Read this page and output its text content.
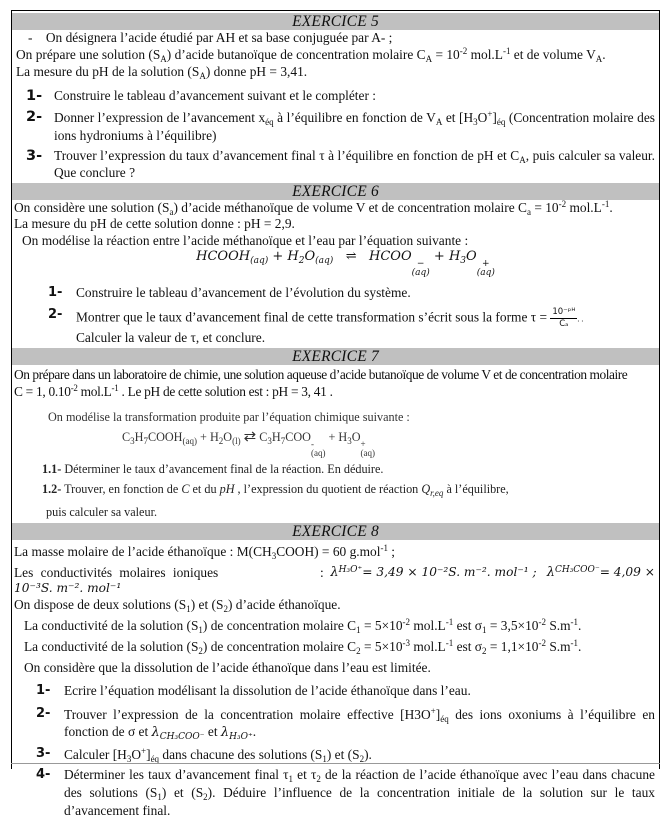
EXERCICE 5

- On désignera l’acide étudié par AH et sa base conjuguée par A- ;

On prépare une solution $(S_A)$ d’acide butanoïque de concentration molaire $C_A = 10^{-2}$ $mol.L^{-1}$ et de volume $V_A$.

La mesure du pH de la solution $(S_A)$ donne pH = 3,41.

1- Construire le tableau d’avancement suivant et le compléter :
2- Donner l’expression de l’avancement $x_{éq}$ à l’équilibre en fonction de $V_A$ et $[H_3O^+]_{éq}$ (Concentration molaire des ions hydroniums à l’équilibre)
3- Trouver l’expression du taux d’avancement final τ à l’équilibre en fonction de pH et $C_A$, puis calculer sa valeur. Que conclure ?
EXERCICE 6

On considère une solution $(S_a)$ d’acide méthanoïque de volume V et de concentration molaire $C_a = 10^{-2}$ $mol.L^{-1}$.

La mesure du pH de cette solution donne : pH = 2,9.

On modélise la réaction entre l’acide méthanoïque et l’eau par l’équation suivante :

$HCOOH_{(aq)} + H_2O_{(aq)}$ ⇌ HCOO −
(aq)
+ $H_3O$ +
(aq)

1-	Construire le tableau d’avancement de l’évolution du système.
2-	Montrer que le taux d’avancement final de cette transformation s’écrit sous la forme $\tau = \frac{\text{10⁻ᵖᴴ}}{\text{Cₐ}}$ . .
Calculer la valeur de τ, et conclure.
EXERCICE 7

On prépare dans un laboratoire de chimie, une solution aqueuse d’acide butanoïque de volume V et de concentration molaire

C = 1, $0.10^{-2}$ $mol.L^{-1}$ . Le pH de cette solution est : pH = 3, 41 .

On modélise la transformation produite par l’équation chimique suivante :

$C_3H_7COOH_{(aq)} + H_2O_{(l)}$ ⇄ $C_3H_7COO$ -
(aq)
+ $H_3O$ +
(aq)

1.1- Déterminer le taux d’avancement final de la réaction. En déduire.

1.2- Trouver, en fonction de C et du pH , l’expression du quotient de réaction $Q_{r,eq}$ à l’équilibre,

puis calculer sa valeur.

EXERCICE 8

La masse molaire de l’acide éthanoïque : $M(CH_3COOH) = 60$ g.mol$^{-1}$ ;

Les conductivités molaires ioniques	:
λ H₃O⁺ = 3,49 × 10⁻²S. m⁻². mol⁻¹ ;
λ CH₃COO⁻ = 4,09 ×

10⁻³S. m⁻². mol⁻¹

On dispose de deux solutions $(S_1)$ et $(S_2)$ d’acide éthanoïque.

La conductivité de la solution $(S_1)$ de concentration molaire $C_1 = 5\times 10^{-2}$ $mol.L^{-1}$ est $\sigma_1 = 3,5\times 10^{-2}$ $S.m^{-1}$.

La conductivité de la solution $(S_2)$ de concentration molaire $C_2 = 5\times 10^{-3}$ $mol.L^{-1}$ est $\sigma_2 = 1,1\times 10^{-2}$ $S.m^{-1}$.

On considère que la dissolution de l’acide éthanoïque dans l’eau est limitée.

1-	Ecrire l’équation modélisant la dissolution de l’acide éthanoïque dans l’eau.
2-	Trouver l’expression de la concentration molaire effective $[H3O^+]_{éq}$ des ions oxoniums à l’équilibre en fonction de σ et $\lambda_{CH_3COO^-}$ et $\lambda_{H_3O^+}$.
3-	Calculer $[H_3O^+]_{éq}$ dans chacune des solutions $(S_1)$ et $(S_2)$.
4-	Déterminer les taux d’avancement final $\tau_1$ et $\tau_2$ de la réaction de l’acide éthanoïque avec l’eau dans chacune des solutions $(S_1)$ et $(S_2)$. Déduire l’influence de la concentration initiale de la solution sur le taux d’avancement final.
